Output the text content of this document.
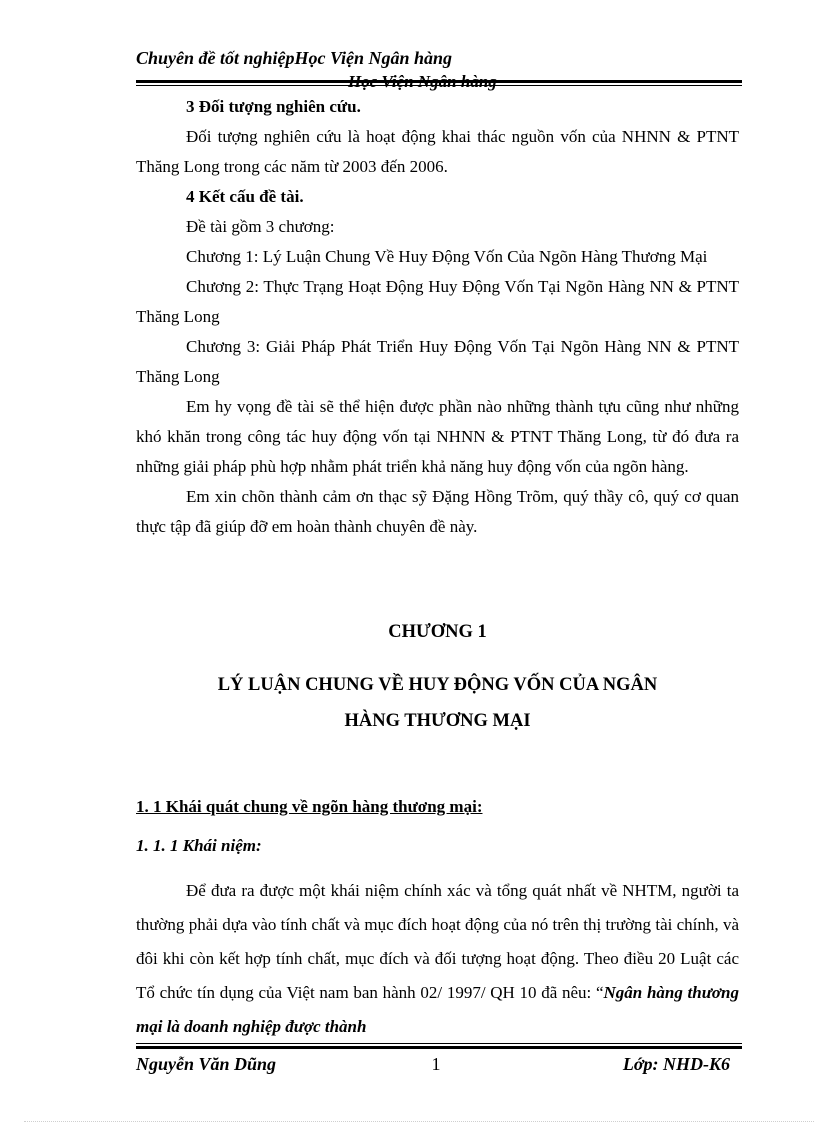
Chuyên đề tốt nghiệpHọc Viện Ngân hàng

3 Đối tượng nghiên cứu.

Đối tượng nghiên cứu là hoạt động khai thác nguồn vốn của NHNN & PTNT Thăng Long trong các năm từ 2003 đến 2006.

4 Kết cấu đề tài.

Đề tài gồm 3 chương:

Chương 1: Lý Luận Chung Về Huy Động Vốn Của Ngõn Hàng Thương Mại

Chương 2: Thực Trạng Hoạt Động Huy Động Vốn Tại Ngõn Hàng NN & PTNT Thăng Long

Chương 3: Giải Pháp Phát Triển Huy Động Vốn Tại Ngõn Hàng NN & PTNT Thăng Long

Em hy vọng đề tài sẽ thể hiện được phần nào những thành tựu cũng như những khó khăn trong công tác huy động vốn tại NHNN & PTNT Thăng Long, từ đó đưa ra những giải pháp phù hợp nhằm phát triển khả năng huy động vốn của ngõn hàng.

Em xin chõn thành cảm ơn thạc sỹ Đặng Hồng Trõm, quý thầy cô, quý cơ quan thực tập đã giúp đỡ em hoàn thành chuyên đề này.

CHƯƠNG 1
LÝ LUẬN CHUNG VỀ HUY ĐỘNG VỐN CỦA NGÂN
HÀNG THƯƠNG MẠI
1. 1 Khái quát chung về ngõn hàng thương mại:
1. 1. 1 Khái niệm:

Để đưa ra được một khái niệm chính xác và tổng quát nhất về NHTM, người ta thường phải dựa vào tính chất và mục đích hoạt động của nó trên thị trường tài chính, và đôi khi còn kết hợp tính chất, mục đích và đối tượng hoạt động. Theo điều 20 Luật các Tổ chức tín dụng của Việt nam ban hành 02/ 1997/ QH 10 đã nêu: “Ngân hàng thương mại là doanh nghiệp được thành

Nguyễn Văn Dũng	1	Lớp: NHD-K6
